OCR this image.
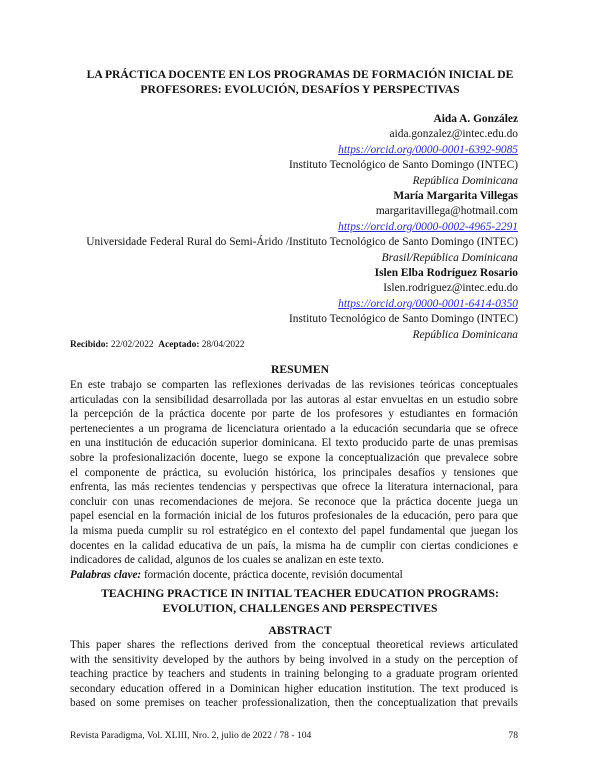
LA PRÁCTICA DOCENTE EN LOS PROGRAMAS DE FORMACIÓN INICIAL DE
PROFESORES: EVOLUCIÓN, DESAFÍOS Y PERSPECTIVAS
Aida A. González
aida.gonzalez@intec.edu.do
https://orcid.org/0000-0001-6392-9085
Instituto Tecnológico de Santo Domingo (INTEC)
República Dominicana
María Margarita Villegas
margaritavillega@hotmail.com
https://orcid.org/0000-0002-4965-2291
Universidade Federal Rural do Semi-Árido /Instituto Tecnológico de Santo Domingo (INTEC)
Brasil/República Dominicana
Islen Elba Rodríguez Rosario
Islen.rodriguez@intec.edu.do
https://orcid.org/0000-0001-6414-0350
Instituto Tecnológico de Santo Domingo (INTEC)
República Dominicana
Recibido: 22/02/2022 Aceptado: 28/04/2022
RESUMEN
En este trabajo se comparten las reflexiones derivadas de las revisiones teóricas conceptuales
articuladas con la sensibilidad desarrollada por las autoras al estar envueltas en un estudio sobre
la percepción de la práctica docente por parte de los profesores y estudiantes en formación
pertenecientes a un programa de licenciatura orientado a la educación secundaria que se ofrece
en una institución de educación superior dominicana. El texto producido parte de unas premisas
sobre la profesionalización docente, luego se expone la conceptualización que prevalece sobre
el componente de práctica, su evolución histórica, los principales desafíos y tensiones que
enfrenta, las más recientes tendencias y perspectivas que ofrece la literatura internacional, para
concluir con unas recomendaciones de mejora. Se reconoce que la práctica docente juega un
papel esencial en la formación inicial de los futuros profesionales de la educación, pero para que
la misma pueda cumplir su rol estratégico en el contexto del papel fundamental que juegan los
docentes en la calidad educativa de un país, la misma ha de cumplir con ciertas condiciones e
indicadores de calidad, algunos de los cuales se analizan en este texto.
Palabras clave: formación docente, práctica docente, revisión documental
TEACHING PRACTICE IN INITIAL TEACHER EDUCATION PROGRAMS:
EVOLUTION, CHALLENGES AND PERSPECTIVES
ABSTRACT
This paper shares the reflections derived from the conceptual theoretical reviews articulated
with the sensitivity developed by the authors by being involved in a study on the perception of
teaching practice by teachers and students in training belonging to a graduate program oriented
secondary education offered in a Dominican higher education institution. The text produced is
based on some premises on teacher professionalization, then the conceptualization that prevails
Revista Paradigma, Vol. XLIII, Nro. 2, julio de 2022 / 78 - 104	78
